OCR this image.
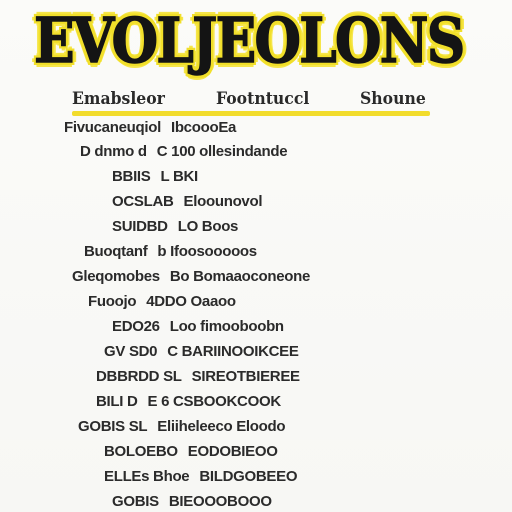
EVOLJEOLONS
Emabsleor	Footntuccl	Shoune
Fivucaneuqiol IbcoooEa
D dnmo d C 100 ollesindande
BBIIS L BKI
OCSLAB Eloounovol
SUIDBD LO Boos
Buoqtanf b Ifoosooooos
Gleqomobes Bo Bomaaoconeone
Fuoojo 4DDO Oaaoo
EDO26 Loo fimooboobn
GV SD0 C BARIINOOIKCEE
DBBRDD SL SIREOTBIEREE
BILI D E 6 CSBOOKCOOK
GOBIS SL Eliiheleeco Eloodo
BOLOEBO EODOBIEOO
ELLEs Bhoe BILDGOBEEO
GOBIS BIEOOOBOOO
